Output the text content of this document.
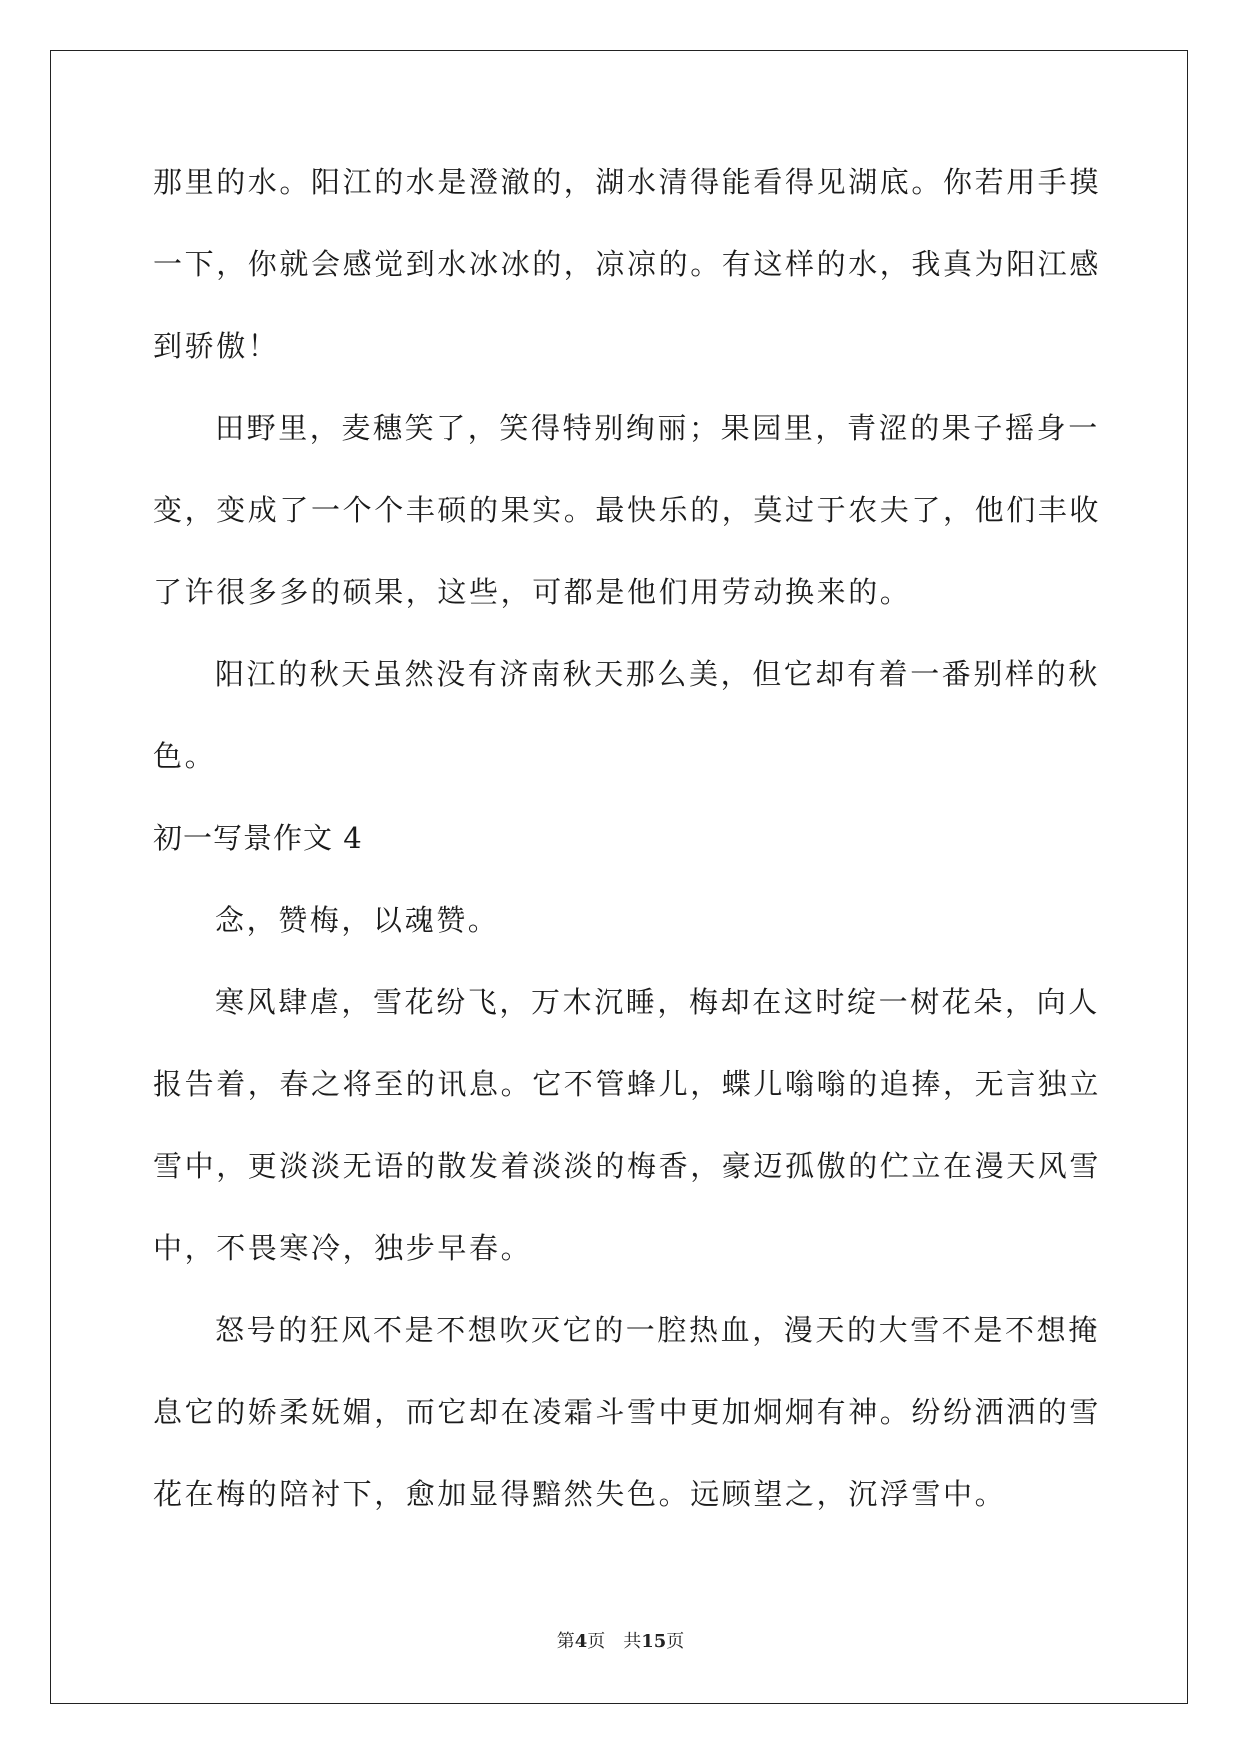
那里的水。阳江的水是澄澈的，湖水清得能看得见湖底。你若用手摸
一下，你就会感觉到水冰冰的，凉凉的。有这样的水，我真为阳江感
到骄傲！
田野里，麦穗笑了，笑得特别绚丽；果园里，青涩的果子摇身一
变，变成了一个个丰硕的果实。最快乐的，莫过于农夫了，他们丰收
了许很多多的硕果，这些，可都是他们用劳动换来的。
阳江的秋天虽然没有济南秋天那么美，但它却有着一番别样的秋
色。
初一写景作文 4
念，赞梅，以魂赞。
寒风肆虐，雪花纷飞，万木沉睡，梅却在这时绽一树花朵，向人
报告着，春之将至的讯息。它不管蜂儿，蝶儿嗡嗡的追捧，无言独立
雪中，更淡淡无语的散发着淡淡的梅香，豪迈孤傲的伫立在漫天风雪
中，不畏寒冷，独步早春。
怒号的狂风不是不想吹灭它的一腔热血，漫天的大雪不是不想掩
息它的娇柔妩媚，而它却在凌霜斗雪中更加炯炯有神。纷纷洒洒的雪
花在梅的陪衬下，愈加显得黯然失色。远顾望之，沉浮雪中。
第4页 共15页
